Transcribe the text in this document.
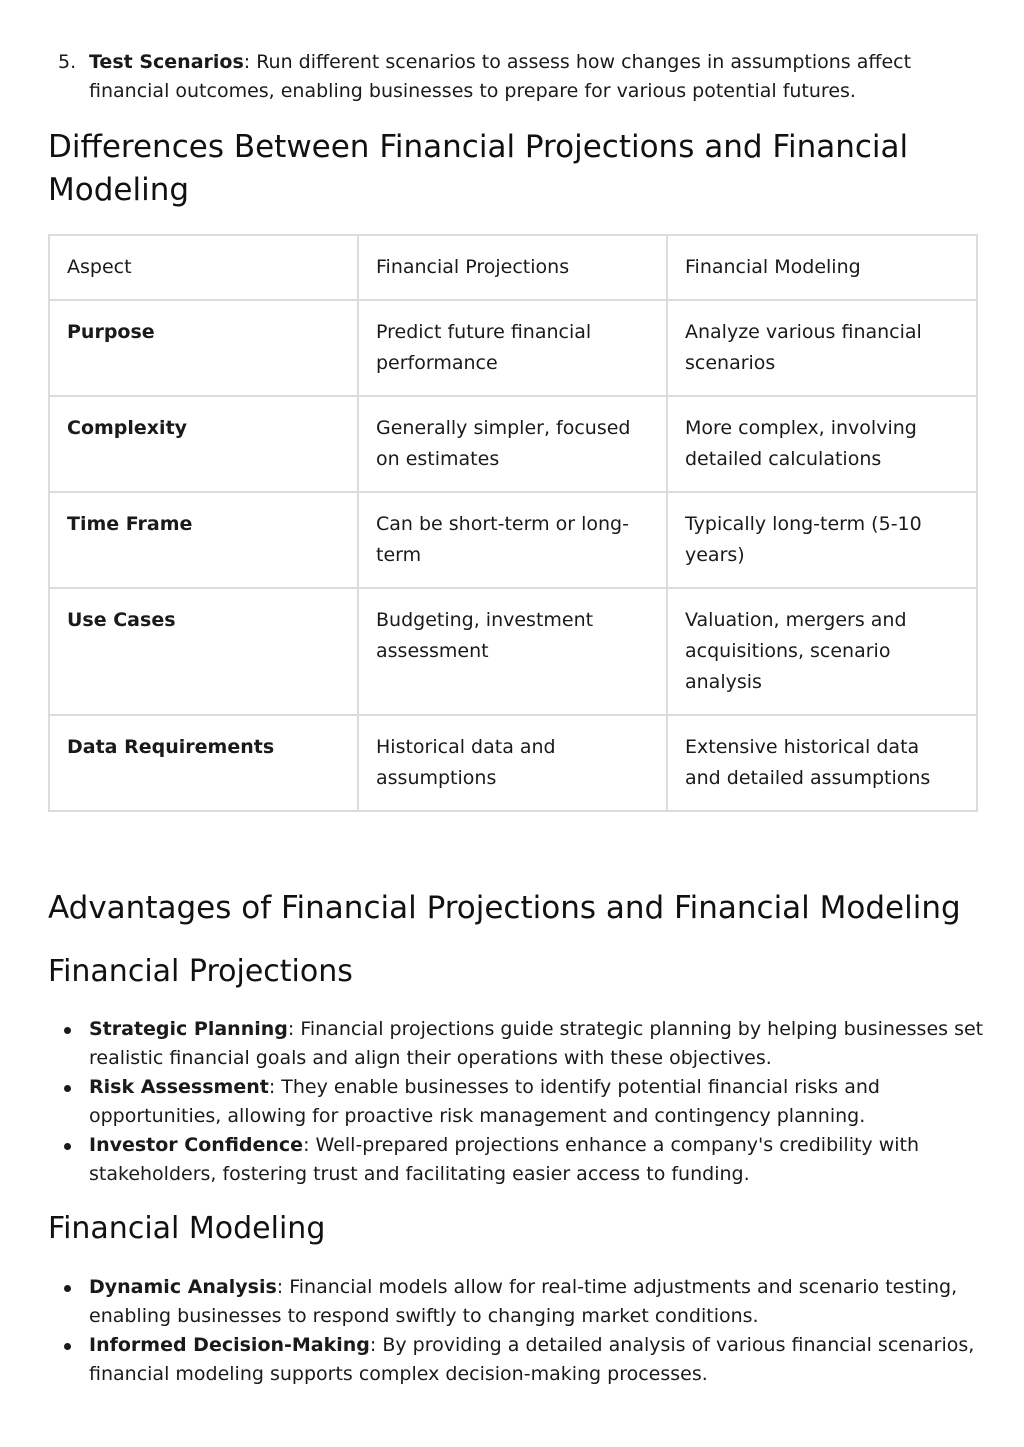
5. Test Scenarios: Run different scenarios to assess how changes in assumptions affect financial outcomes, enabling businesses to prepare for various potential futures.
Differences Between Financial Projections and Financial Modeling
Aspect	Financial Projections	Financial Modeling
Purpose	Predict future financial performance	Analyze various financial scenarios
Complexity	Generally simpler, focused on estimates	More complex, involving detailed calculations
Time Frame	Can be short-term or long-term	Typically long-term (5-10 years)
Use Cases	Budgeting, investment assessment	Valuation, mergers and acquisitions, scenario analysis
Data Requirements	Historical data and assumptions	Extensive historical data and detailed assumptions
Advantages of Financial Projections and Financial Modeling
Financial Projections
Strategic Planning: Financial projections guide strategic planning by helping businesses set realistic financial goals and align their operations with these objectives.
Risk Assessment: They enable businesses to identify potential financial risks and opportunities, allowing for proactive risk management and contingency planning.
Investor Confidence: Well-prepared projections enhance a company's credibility with stakeholders, fostering trust and facilitating easier access to funding.
Financial Modeling
Dynamic Analysis: Financial models allow for real-time adjustments and scenario testing, enabling businesses to respond swiftly to changing market conditions.
Informed Decision-Making: By providing a detailed analysis of various financial scenarios, financial modeling supports complex decision-making processes.
